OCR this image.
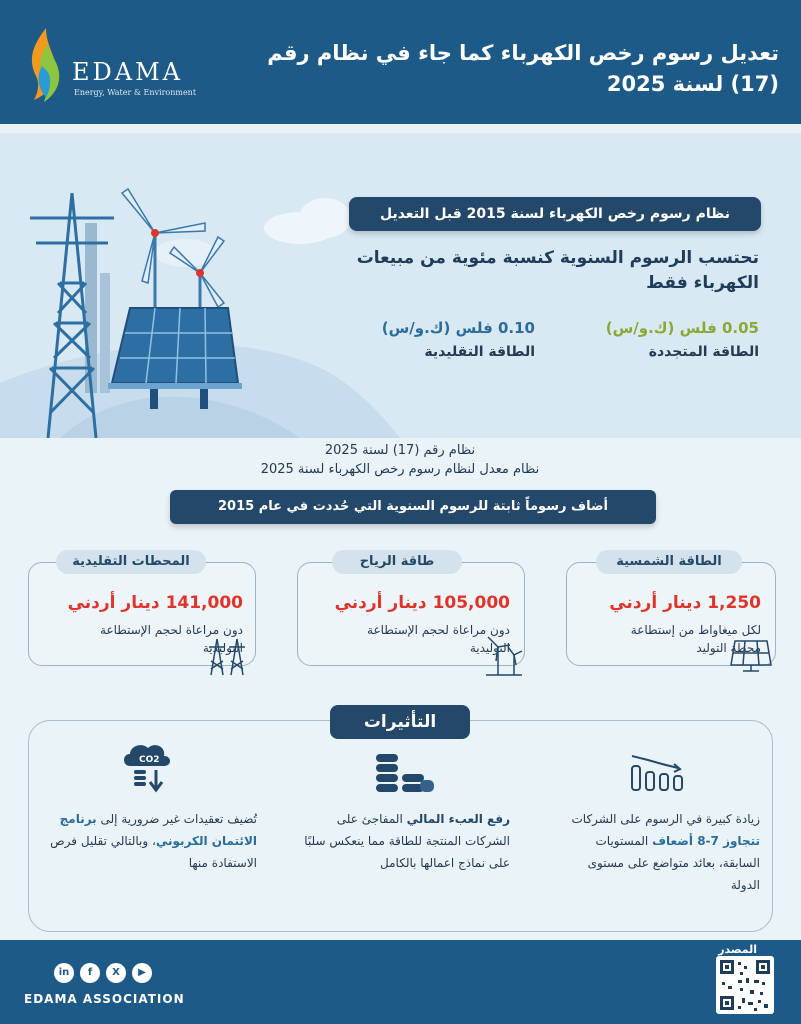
EDAMA
Energy, Water & Environment
تعديل رسوم رخص الكهرباء كما جاء في نظام رقم (17) لسنة 2025
نظام رسوم رخص الكهرباء لسنة 2015 قبل التعديل
تحتسب الرسوم السنوية كنسبة مئوية من مبيعات الكهرباء فقط
0.05 فلس (ك.و/س)
الطاقة المتجددة
0.10 فلس (ك.و/س)
الطاقة التقليدية
نظام رقم (17) لسنة 2025
نظام معدل لنظام رسوم رخص الكهرباء لسنة 2025
أضاف رسوماً ثابتة للرسوم السنوية التي حُددت في عام 2015
141,000 دينار أردني
دون مراعاة لحجم الإستطاعة
التوليدية
المحطات التقليدية
105,000 دينار أردني
دون مراعاة لحجم الإستطاعة
التوليدية
طاقة الرياح
1,250 دينار أردني
لكل ميغاواط من إستطاعة
محطة التوليد
الطاقة الشمسية
التأثيرات
CO2
زيادة كبيرة في الرسوم على الشركات تتجاوز 7-8 أضعاف المستويات السابقة، بعائد متواضع على مستوى الدولة
رفع العبء المالي المفاجئ على الشركات المنتجة للطاقة مما ينعكس سلبًا على نماذج اعمالها بالكامل
تُضيف تعقيدات غير ضرورية إلى برنامج الائتمان الكربوني، وبالتالي تقليل فرص الاستفادة منها
in	f	X	▶
EDAMA ASSOCIATION
المصدر
